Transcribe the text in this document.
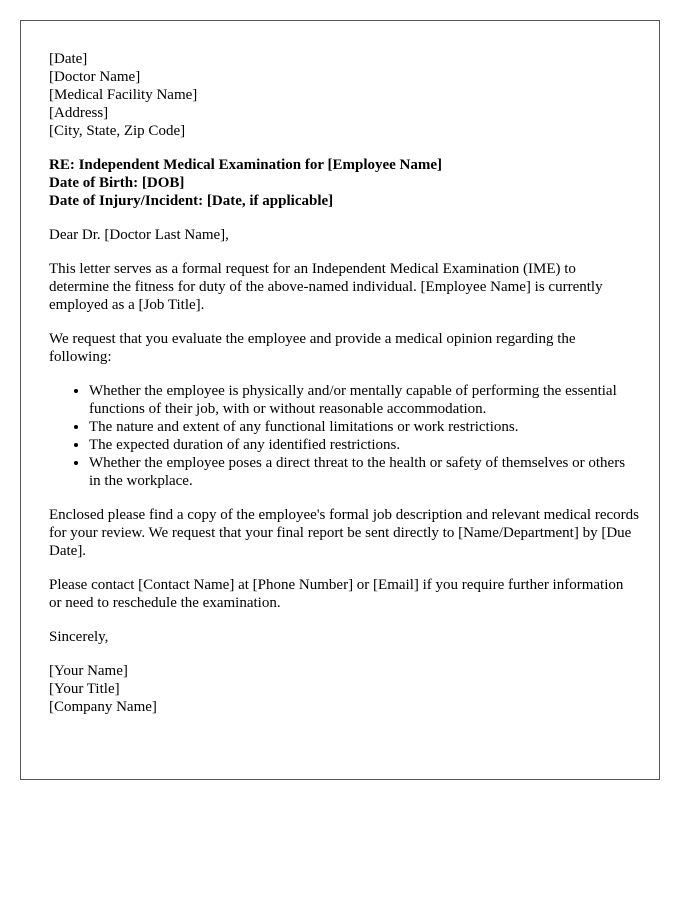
[Date]
[Doctor Name]
[Medical Facility Name]
[Address]
[City, State, Zip Code]
RE: Independent Medical Examination for [Employee Name]
Date of Birth: [DOB]
Date of Injury/Incident: [Date, if applicable]

Dear Dr. [Doctor Last Name],

This letter serves as a formal request for an Independent Medical Examination (IME) to determine the fitness for duty of the above-named individual. [Employee Name] is currently employed as a [Job Title].

We request that you evaluate the employee and provide a medical opinion regarding the following:

• Whether the employee is physically and/or mentally capable of performing the essential functions of their job, with or without reasonable accommodation.
• The nature and extent of any functional limitations or work restrictions.
• The expected duration of any identified restrictions.
• Whether the employee poses a direct threat to the health or safety of themselves or others in the workplace.

Enclosed please find a copy of the employee's formal job description and relevant medical records for your review. We request that your final report be sent directly to [Name/Department] by [Due Date].

Please contact [Contact Name] at [Phone Number] or [Email] if you require further information or need to reschedule the examination.

Sincerely,

[Your Name]
[Your Title]
[Company Name]
